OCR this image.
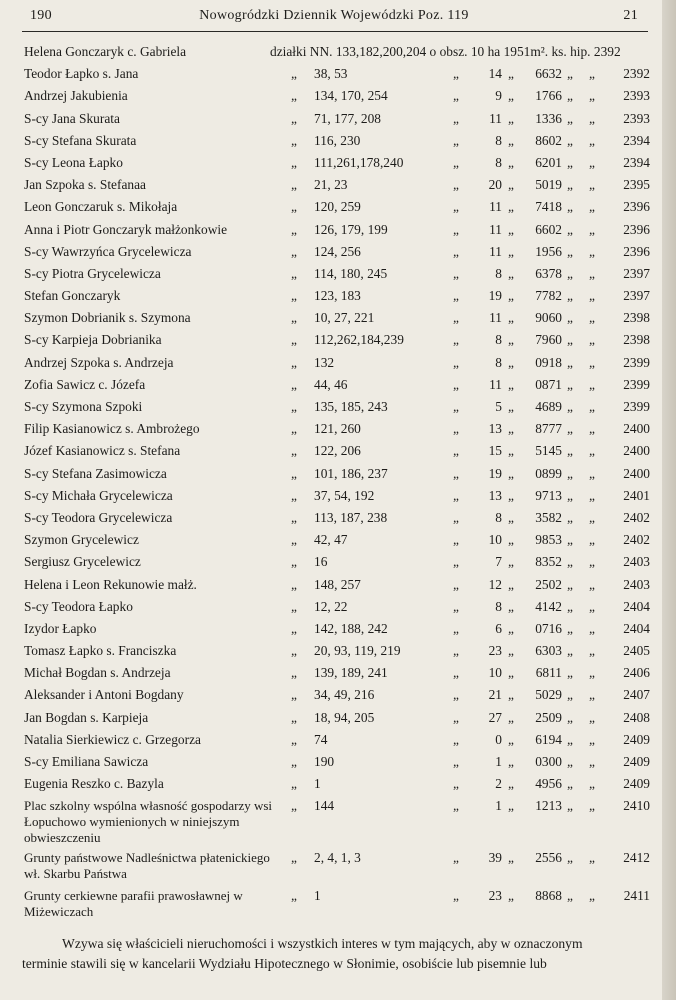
190	Nowogródzki Dziennik Wojewódzki Poz. 119	21
Helena Gonczaryk c. Gabriela	działki NN. 133,182,200,204 o obsz. 10 ha 1951m². ks. hip. 2392
Teodor Łapko s. Jana	„ 38, 53	„	14 „	6632 „ „	2392
Andrzej Jakubienia	„ 134, 170, 254	„	9 „	1766 „ „	2393
S-cy Jana Skurata	„ 71, 177, 208	„	11 „	1336 „ „	2393
S-cy Stefana Skurata	„ 116, 230	„	8 „	8602 „ „	2394
S-cy Leona Łapko	„ 111,261,178,240	„	8 „	6201 „ „	2394
Jan Szpoka s. Stefanaa	„ 21, 23	„	20 „	5019 „ „	2395
Leon Gonczaruk s. Mikołaja	„ 120, 259	„	11 „	7418 „ „	2396
Anna i Piotr Gonczaryk małżonkowie	„ 126, 179, 199	„	11 „	6602 „ „	2396
S-cy Wawrzyńca Grycelewicza	„ 124, 256	„	11 „	1956 „ „	2396
S-cy Piotra Grycelewicza	„ 114, 180, 245	„	8 „	6378 „ „	2397
Stefan Gonczaryk	„ 123, 183	„	19 „	7782 „ „	2397
Szymon Dobrianik s. Szymona	„ 10, 27, 221	„	11 „	9060 „ „	2398
S-cy Karpieja Dobrianika	„ 112,262,184,239	„	8 „	7960 „ „	2398
Andrzej Szpoka s. Andrzeja	„ 132	„	8 „	0918 „ „	2399
Zofia Sawicz c. Józefa	„ 44, 46	„	11 „	0871 „ „	2399
S-cy Szymona Szpoki	„ 135, 185, 243	„	5 „	4689 „ „	2399
Filip Kasianowicz s. Ambrożego	„ 121, 260	„	13 „	8777 „ „	2400
Józef Kasianowicz s. Stefana	„ 122, 206	„	15 „	5145 „ „	2400
S-cy Stefana Zasimowicza	„ 101, 186, 237	„	19 „	0899 „ „	2400
S-cy Michała Grycelewicza	„ 37, 54, 192	„	13 „	9713 „ „	2401
S-cy Teodora Grycelewicza	„ 113, 187, 238	„	8 „	3582 „ „	2402
Szymon Grycelewicz	„ 42, 47	„	10 „	9853 „ „	2402
Sergiusz Grycelewicz	„ 16	„	7 „	8352 „ „	2403
Helena i Leon Rekunowie małż.	„ 148, 257	„	12 „	2502 „ „	2403
S-cy Teodora Łapko	„ 12, 22	„	8 „	4142 „ „	2404
Izydor Łapko	„ 142, 188, 242	„	6 „	0716 „ „	2404
Tomasz Łapko s. Franciszka	„ 20, 93, 119, 219	„	23 „	6303 „ „	2405
Michał Bogdan s. Andrzeja	„ 139, 189, 241	„	10 „	6811 „ „	2406
Aleksander i Antoni Bogdany	„ 34, 49, 216	„	21 „	5029 „ „	2407
Jan Bogdan s. Karpieja	„ 18, 94, 205	„	27 „	2509 „ „	2408
Natalia Sierkiewicz c. Grzegorza	„ 74	„	0 „	6194 „ „	2409
S-cy Emiliana Sawicza	„ 190	„	1 „	0300 „ „	2409
Eugenia Reszko c. Bazyla	„ 1	„	2 „	4956 „ „	2409
Plac szkolny wspólna własność gospodarzy wsi Łopuchowo wymienionych w niniejszym obwieszczeniu
„ 144	„	1 „	1213 „ „	2410
Grunty państwowe Nadleśnictwa płatenickiego wł. Skarbu Państwa
„ 2, 4, 1, 3	„	39 „	2556 „ „	2412
Grunty cerkiewne parafii prawosławnej w Miżewiczach
„ 1	„	23 „	8868 „ „	2411
Wzywa się właścicieli nieruchomości i wszystkich interes w tym mających, aby w oznaczonym
terminie stawili się w kancelarii Wydziału Hipotecznego w Słonimie, osobiście lub pisemnie lub
